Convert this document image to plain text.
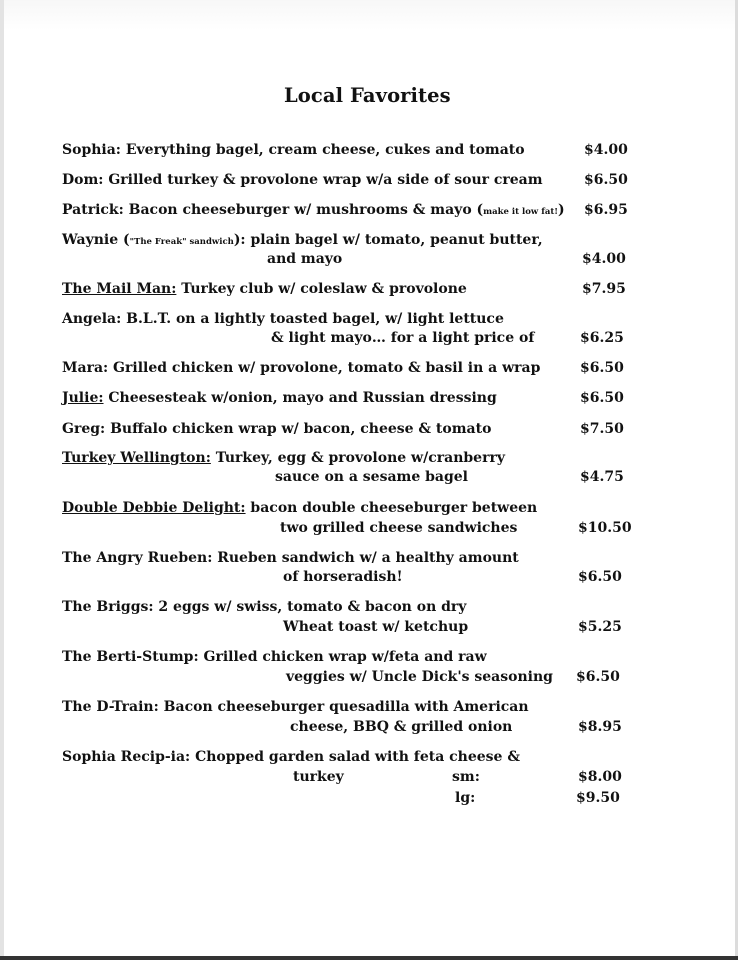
Local Favorites
Sophia: Everything bagel, cream cheese, cukes and tomato	$4.00
Dom: Grilled turkey & provolone wrap w/a side of sour cream	$6.50
Patrick: Bacon cheeseburger w/ mushrooms & mayo (make it low fat!) $6.95
Waynie ("The Freak" sandwich): plain bagel w/ tomato, peanut butter,
and mayo	$4.00
The Mail Man: Turkey club w/ coleslaw & provolone	$7.95
Angela: B.L.T. on a lightly toasted bagel, w/ light lettuce
& light mayo… for a light price of	$6.25
Mara: Grilled chicken w/ provolone, tomato & basil in a wrap	$6.50
Julie: Cheesesteak w/onion, mayo and Russian dressing	$6.50
Greg: Buffalo chicken wrap w/ bacon, cheese & tomato	$7.50
Turkey Wellington: Turkey, egg & provolone w/cranberry
sauce on a sesame bagel	$4.75
Double Debbie Delight: bacon double cheeseburger between
two grilled cheese sandwiches	$10.50
The Angry Rueben: Rueben sandwich w/ a healthy amount
of horseradish!	$6.50
The Briggs: 2 eggs w/ swiss, tomato & bacon on dry
Wheat toast w/ ketchup	$5.25
The Berti-Stump: Grilled chicken wrap w/feta and raw
veggies w/ Uncle Dick's seasoning $6.50
The D-Train: Bacon cheeseburger quesadilla with American
cheese, BBQ & grilled onion	$8.95
Sophia Recip-ia: Chopped garden salad with feta cheese &
turkey	sm:	$8.00
lg:	$9.50
